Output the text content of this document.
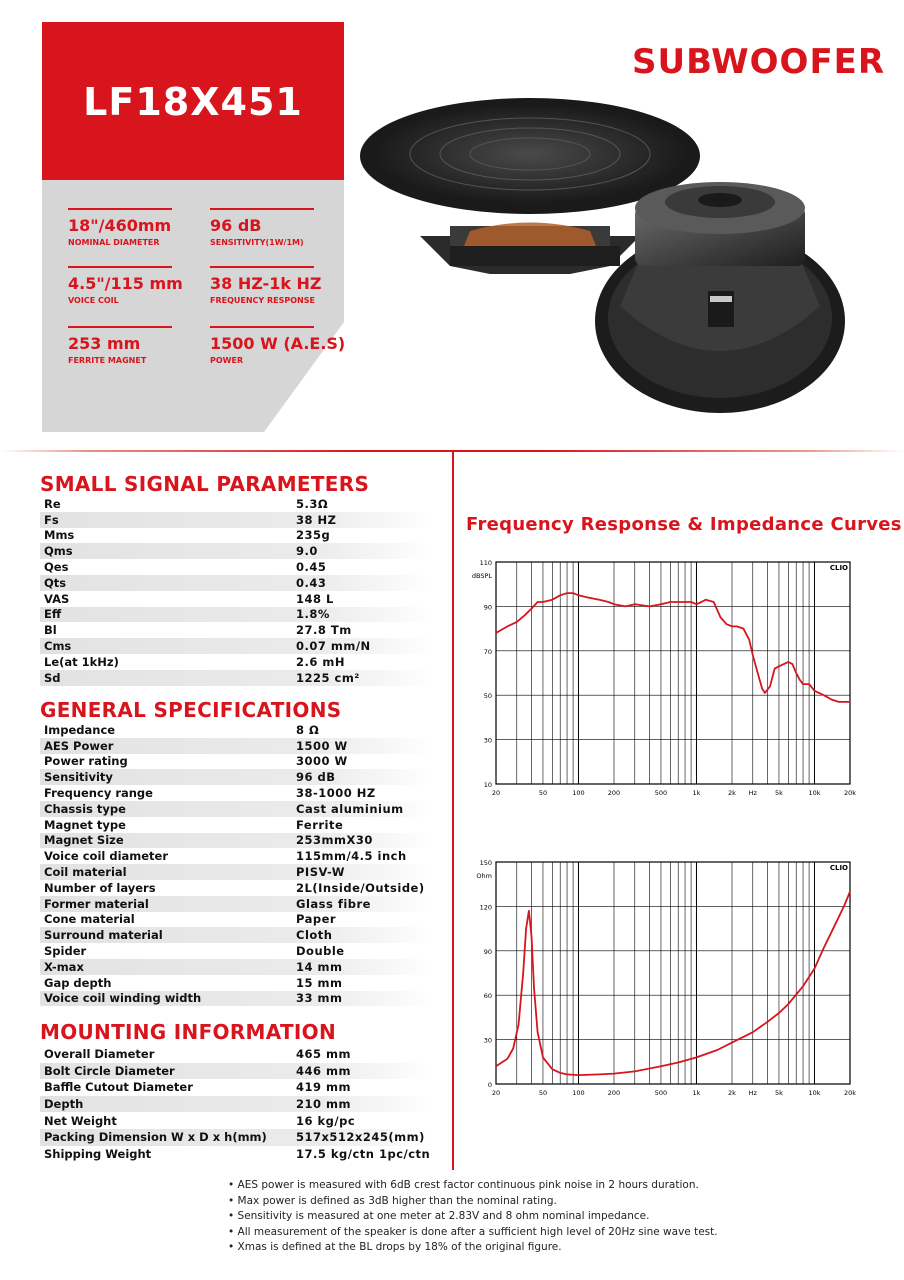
LF18X451
SUBWOOFER
18"/460mm
NOMINAL DIAMETER
96 dB
SENSITIVITY(1W/1M)
4.5"/115 mm
VOICE COIL
38 HZ-1k HZ
FREQUENCY RESPONSE
253 mm
FERRITE MAGNET
1500 W (A.E.S)
POWER
SMALL SIGNAL PARAMETERS
Re	5.3Ω
Fs	38 HZ
Mms	235g
Qms	9.0
Qes	0.45
Qts	0.43
VAS	148 L
Eff	1.8%
Bl	27.8 Tm
Cms	0.07 mm/N
Le(at 1kHz)	2.6 mH
Sd	1225 cm²
GENERAL SPECIFICATIONS
Impedance	8 Ω
AES Power	1500 W
Power rating	3000 W
Sensitivity	96 dB
Frequency range	38-1000 HZ
Chassis type	Cast aluminium
Magnet type	Ferrite
Magnet Size	253mmX30
Voice coil diameter	115mm/4.5 inch
Coil material	PISV-W
Number of layers	2L(Inside/Outside)
Former material	Glass fibre
Cone material	Paper
Surround material	Cloth
Spider	Double
X-max	14 mm
Gap depth	15 mm
Voice coil winding width	33 mm
MOUNTING INFORMATION
Overall Diameter	465 mm
Bolt Circle Diameter	446 mm
Baffle Cutout Diameter	419 mm
Depth	210 mm
Net Weight	16 kg/pc
Packing Dimension W x D x h(mm)	517x512x245(mm)
Shipping Weight	17.5 kg/ctn 1pc/ctn
• AES power is measured with 6dB crest factor continuous pink noise in 2 hours duration.
• Max power is defined as 3dB higher than the nominal rating.
• Sensitivity is measured at one meter at 2.83V and 8 ohm nominal impedance.
• All measurement of the speaker is done after a sufficient high level of 20Hz sine wave test.
• Xmas is defined at the BL drops by 18% of the original figure.
Frequency Response & Impedance Curves
110
90
70
50
30
10
dBSPL
20	50	100	200	500	1k	2k Hz	5k	10k	20k
CLIO
150
120
90
60
30
0
Ohm
20	50	100	200	500	1k	2k Hz	5k	10k	20k
CLIO
